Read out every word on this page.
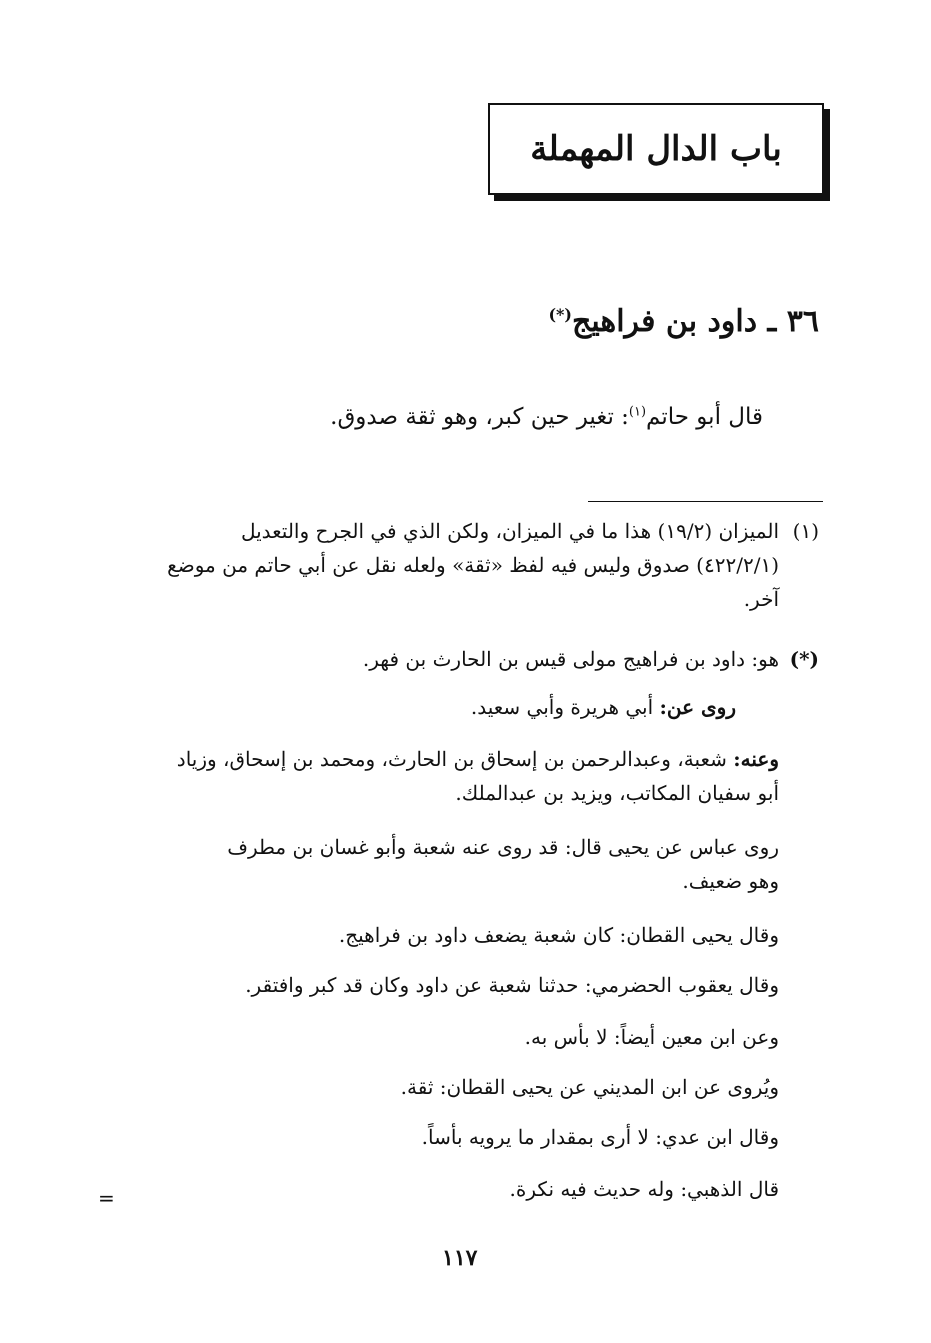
باب الدال المهملة
٣٦ ـ داود بن فراهيج(*)
قال أبو حاتم$^{(١)}$: تغير حين كبر، وهو ثقة صدوق.
(١)
الميزان (١٩/٢) هذا ما في الميزان، ولكن الذي في الجرح والتعديل
(٤٢٢/٢/١) صدوق وليس فيه لفظ «ثقة» ولعله نقل عن أبي حاتم من موضع
آخر.
(*)
هو: داود بن فراهيج مولى قيس بن الحارث بن فهر.
روى عن: أبي هريرة وأبي سعيد.
وعنه: شعبة، وعبدالرحمن بن إسحاق بن الحارث، ومحمد بن إسحاق، وزياد
أبو سفيان المكاتب، ويزيد بن عبدالملك.
روى عباس عن يحيى قال: قد روى عنه شعبة وأبو غسان بن مطرف
وهو ضعيف.
وقال يحيى القطان: كان شعبة يضعف داود بن فراهيج.
وقال يعقوب الحضرمي: حدثنا شعبة عن داود وكان قد كبر وافتقر.
وعن ابن معين أيضاً: لا بأس به.
ويُروى عن ابن المديني عن يحيى القطان: ثقة.
وقال ابن عدي: لا أرى بمقدار ما يرويه بأساً.
قال الذهبي: وله حديث فيه نكرة.
=
١١٧
